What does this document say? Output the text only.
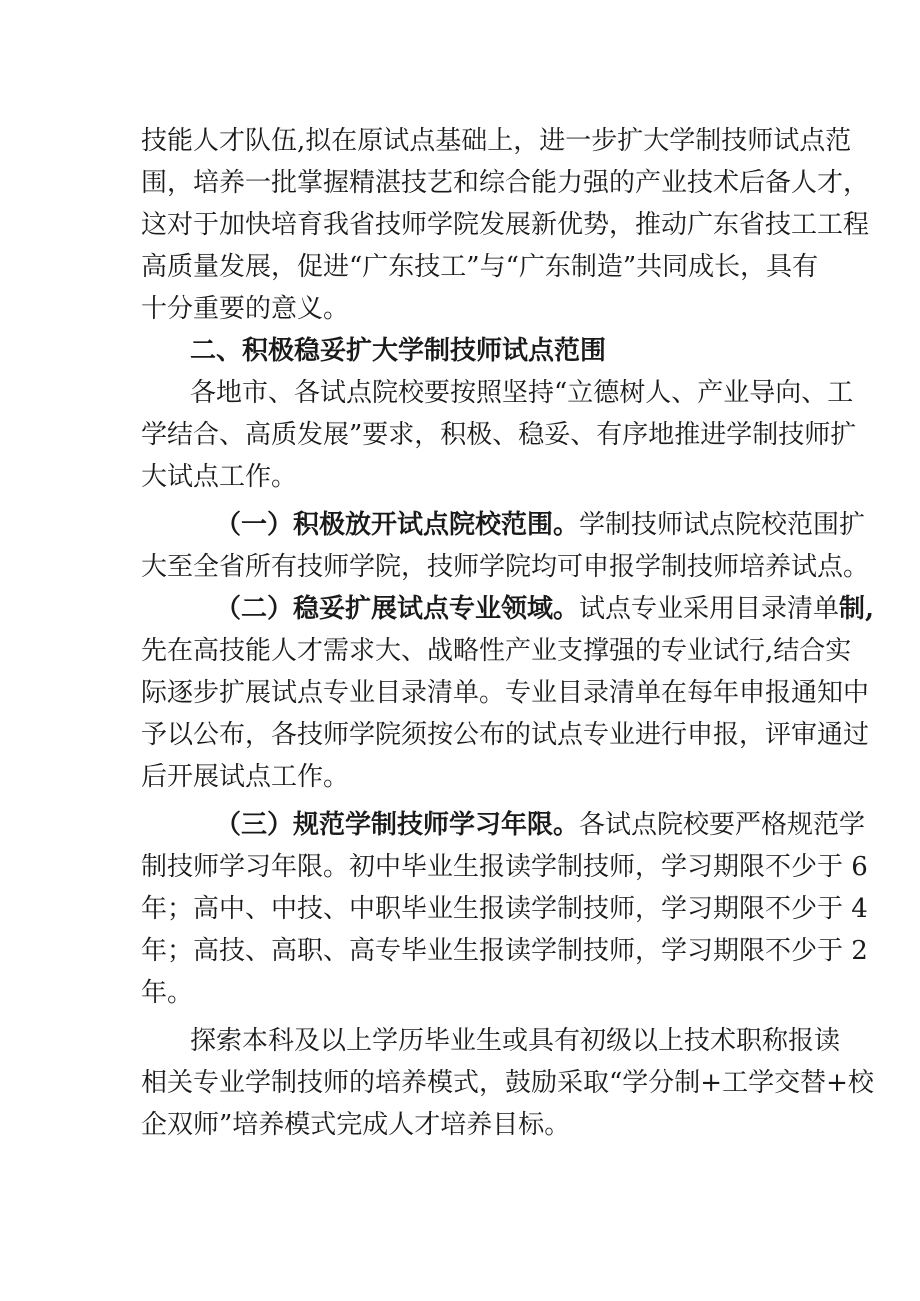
技能人才队伍,拟在原试点基础上，进一步扩大学制技师试点范
围，培养一批掌握精湛技艺和综合能力强的产业技术后备人才，
这对于加快培育我省技师学院发展新优势，推动广东省技工工程
高质量发展，促进“广东技工”与“广东制造”共同成长，具有
十分重要的意义。
二、积极稳妥扩大学制技师试点范围
各地市、各试点院校要按照坚持“立德树人、产业导向、工
学结合、高质发展”要求，积极、稳妥、有序地推进学制技师扩
大试点工作。
（一）积极放开试点院校范围。学制技师试点院校范围扩
大至全省所有技师学院，技师学院均可申报学制技师培养试点。
（二）稳妥扩展试点专业领域。试点专业采用目录清单制,
先在高技能人才需求大、战略性产业支撑强的专业试行,结合实
际逐步扩展试点专业目录清单。专业目录清单在每年申报通知中
予以公布，各技师学院须按公布的试点专业进行申报，评审通过
后开展试点工作。
（三）规范学制技师学习年限。各试点院校要严格规范学
制技师学习年限。初中毕业生报读学制技师，学习期限不少于 6
年；高中、中技、中职毕业生报读学制技师，学习期限不少于 4
年；高技、高职、高专毕业生报读学制技师，学习期限不少于 2
年。
探索本科及以上学历毕业生或具有初级以上技术职称报读
相关专业学制技师的培养模式，鼓励采取“学分制+工学交替+校
企双师”培养模式完成人才培养目标。
